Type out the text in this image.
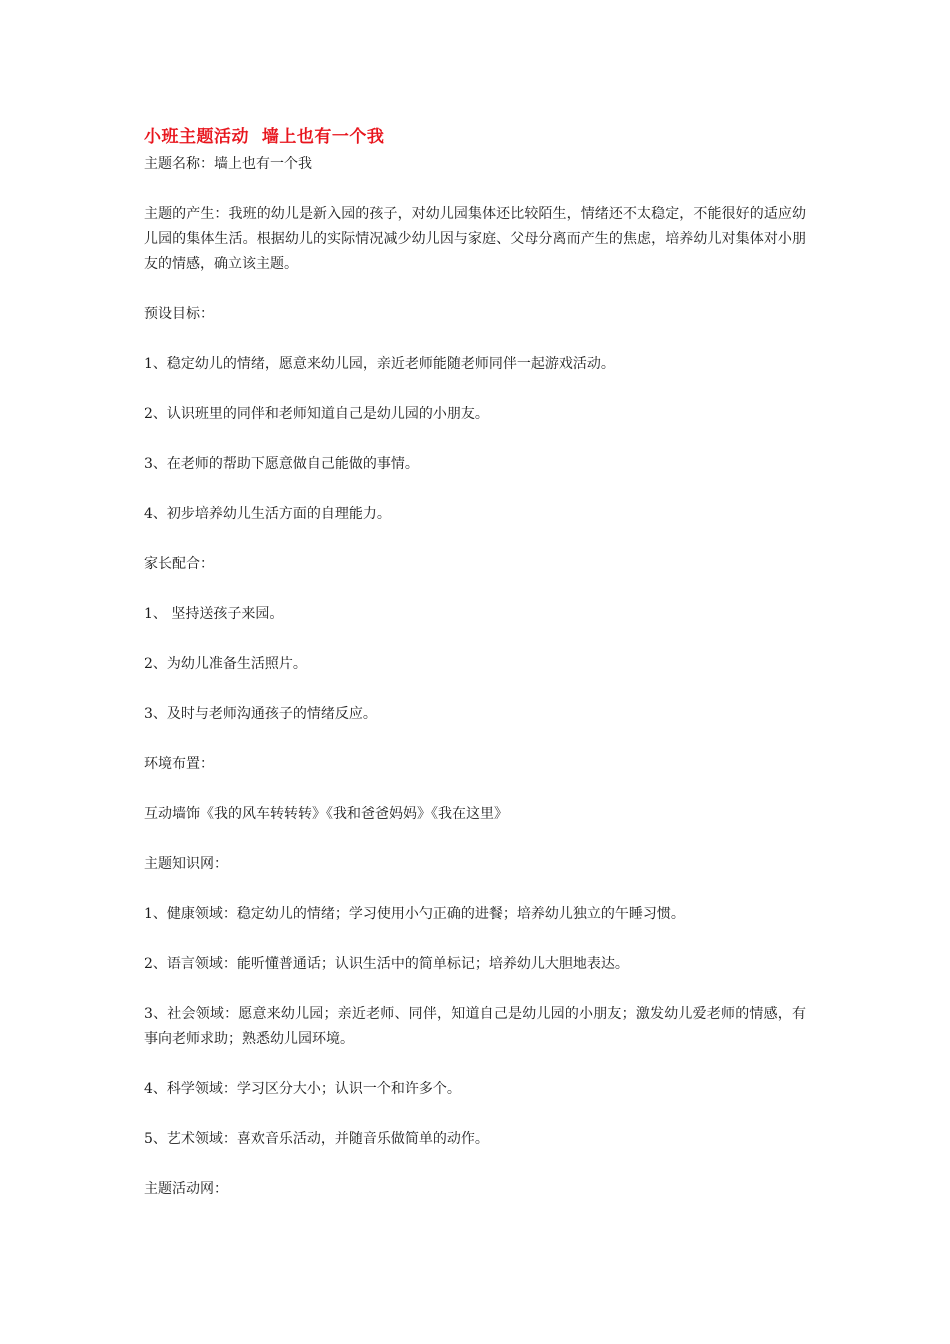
小班主题活动  墙上也有一个我

主题名称：墙上也有一个我

主题的产生：我班的幼儿是新入园的孩子，对幼儿园集体还比较陌生，情绪还不太稳定，不能很好的适应幼儿园的集体生活。根据幼儿的实际情况减少幼儿因与家庭、父母分离而产生的焦虑，培养幼儿对集体对小朋友的情感，确立该主题。

预设目标：

1、稳定幼儿的情绪，愿意来幼儿园，亲近老师能随老师同伴一起游戏活动。

2、认识班里的同伴和老师知道自己是幼儿园的小朋友。

3、在老师的帮助下愿意做自己能做的事情。

4、初步培养幼儿生活方面的自理能力。

家长配合：

1、 坚持送孩子来园。

2、为幼儿准备生活照片。

3、及时与老师沟通孩子的情绪反应。

环境布置：

互动墙饰《我的风车转转转》《我和爸爸妈妈》《我在这里》

主题知识网：

1、健康领域：稳定幼儿的情绪；学习使用小勺正确的进餐；培养幼儿独立的午睡习惯。

2、语言领域：能听懂普通话；认识生活中的简单标记；培养幼儿大胆地表达。

3、社会领域：愿意来幼儿园；亲近老师、同伴，知道自己是幼儿园的小朋友；激发幼儿爱老师的情感，有事向老师求助；熟悉幼儿园环境。

4、科学领域：学习区分大小；认识一个和许多个。

5、艺术领域：喜欢音乐活动，并随音乐做简单的动作。

主题活动网：
